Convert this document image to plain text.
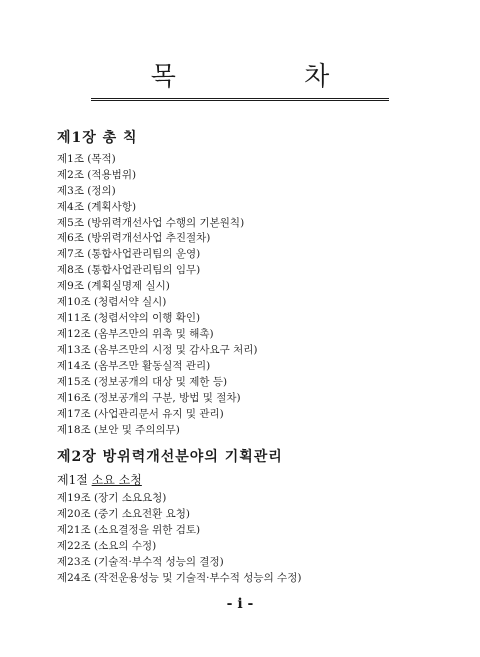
목 차
제1장 총 칙
제1조 (목적)
제2조 (적용범위)
제3조 (정의)
제4조 (계획사항)
제5조 (방위력개선사업 수행의 기본원칙)
제6조 (방위력개선사업 추진절차)
제7조 (통합사업관리팀의 운영)
제8조 (통합사업관리팀의 임무)
제9조 (계획실명제 실시)
제10조 (청렴서약 실시)
제11조 (청렴서약의 이행 확인)
제12조 (옴부즈만의 위촉 및 해촉)
제13조 (옴부즈만의 시정 및 감사요구 처리)
제14조 (옴부즈만 활동실적 관리)
제15조 (정보공개의 대상 및 제한 등)
제16조 (정보공개의 구분, 방법 및 절차)
제17조 (사업관리문서 유지 및 관리)
제18조 (보안 및 주의의무)
제2장 방위력개선분야의 기획관리
제1절 소요 소청
제19조 (장기 소요요청)
제20조 (중기 소요전환 요청)
제21조 (소요결정을 위한 검토)
제22조 (소요의 수정)
제23조 (기술적·부수적 성능의 결정)
제24조 (작전운용성능 및 기술적·부수적 성능의 수정)
- i -
